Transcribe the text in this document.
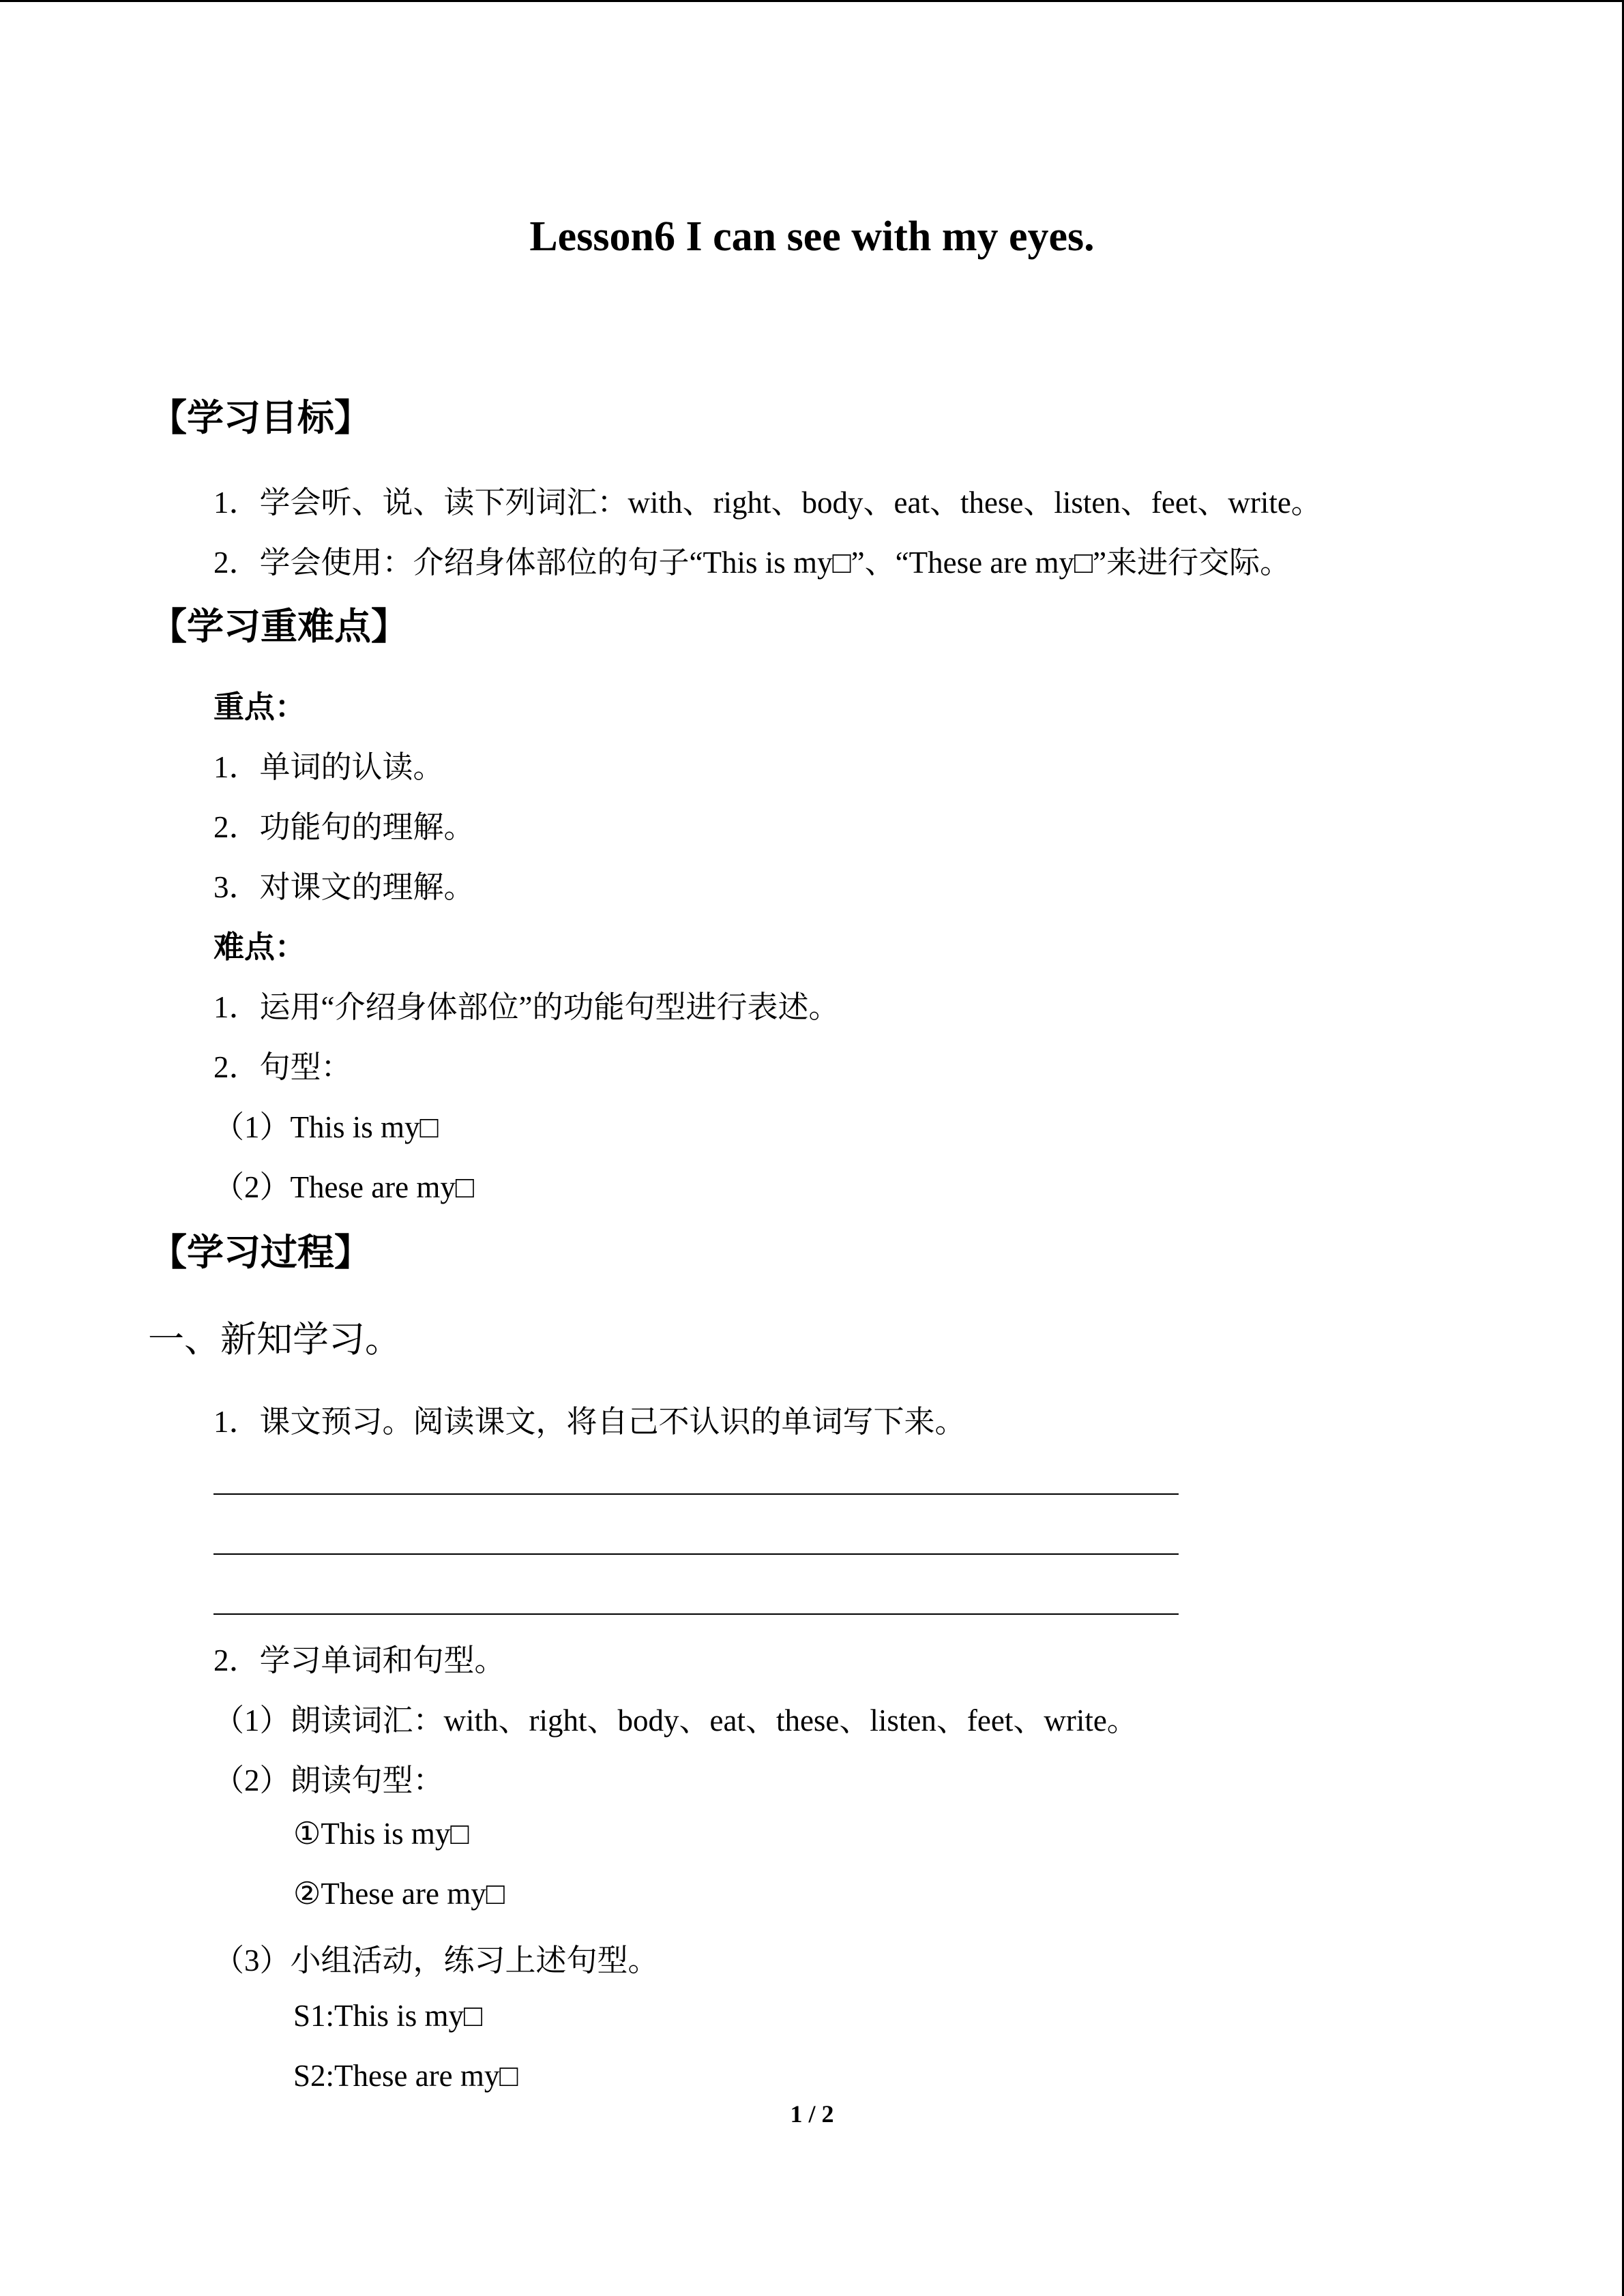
Lesson6 I can see with my eyes.
【学习目标】
1．学会听、说、读下列词汇：with、right、body、eat、these、listen、feet、write。
2．学会使用：介绍身体部位的句子“This is my□”、“These are my□”来进行交际。
【学习重难点】
重点：
1．单词的认读。
2．功能句的理解。
3．对课文的理解。
难点：
1．运用“介绍身体部位”的功能句型进行表述。
2．句型：
（1）This is my□
（2）These are my□
【学习过程】
一、新知学习。
1．课文预习。阅读课文，将自己不认识的单词写下来。
2．学习单词和句型。
（1）朗读词汇：with、right、body、eat、these、listen、feet、write。
（2）朗读句型：
①This is my□
②These are my□
（3）小组活动，练习上述句型。
S1:This is my□
S2:These are my□
1 / 2
